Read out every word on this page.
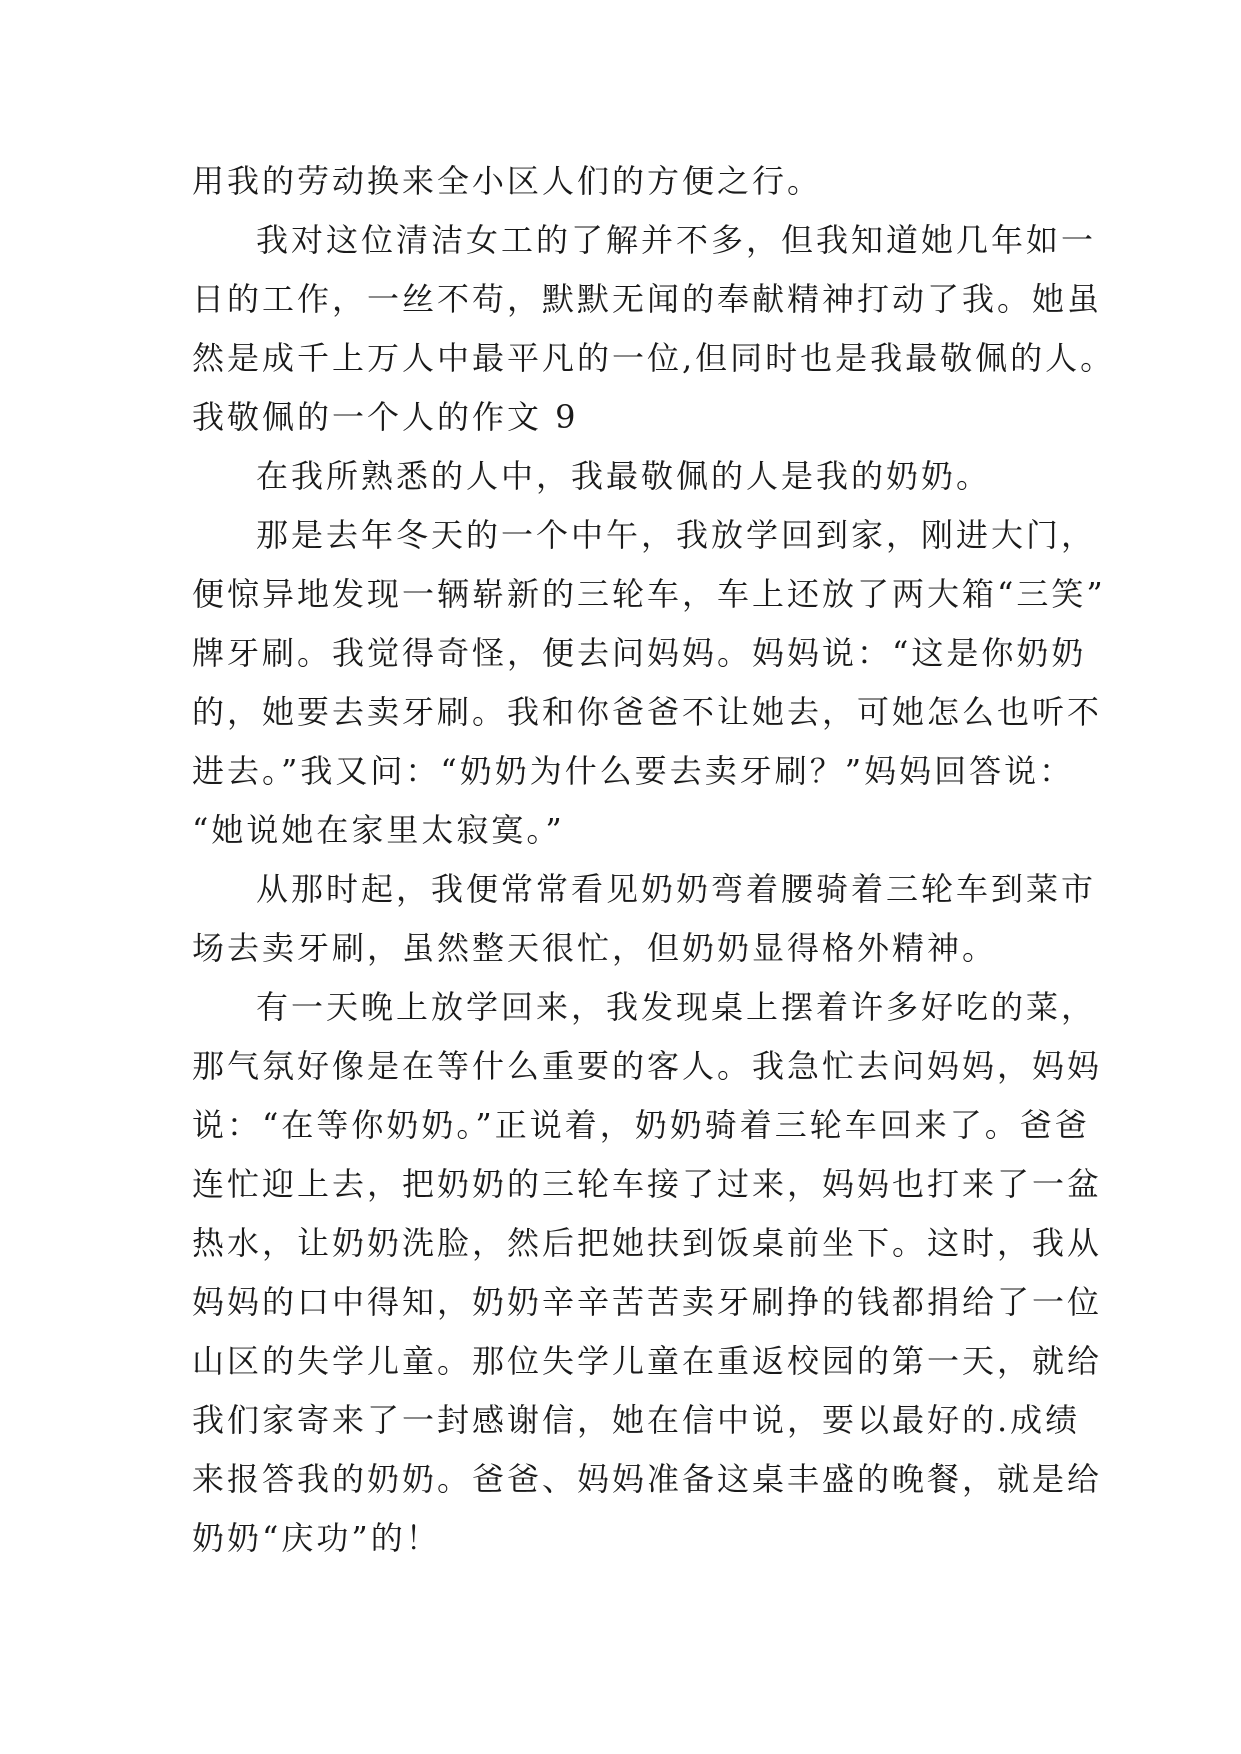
用我的劳动换来全小区人们的方便之行。
我对这位清洁女工的了解并不多，但我知道她几年如一
日的工作，一丝不苟，默默无闻的奉献精神打动了我。她虽
然是成千上万人中最平凡的一位,但同时也是我最敬佩的人。
我敬佩的一个人的作文 9
在我所熟悉的人中，我最敬佩的人是我的奶奶。
那是去年冬天的一个中午，我放学回到家，刚进大门，
便惊异地发现一辆崭新的三轮车，车上还放了两大箱“三笑”
牌牙刷。我觉得奇怪，便去问妈妈。妈妈说：“这是你奶奶
的，她要去卖牙刷。我和你爸爸不让她去，可她怎么也听不
进去。”我又问：“奶奶为什么要去卖牙刷？”妈妈回答说：
“她说她在家里太寂寞。”
从那时起，我便常常看见奶奶弯着腰骑着三轮车到菜市
场去卖牙刷，虽然整天很忙，但奶奶显得格外精神。
有一天晚上放学回来，我发现桌上摆着许多好吃的菜，
那气氛好像是在等什么重要的客人。我急忙去问妈妈，妈妈
说：“在等你奶奶。”正说着，奶奶骑着三轮车回来了。爸爸
连忙迎上去，把奶奶的三轮车接了过来，妈妈也打来了一盆
热水，让奶奶洗脸，然后把她扶到饭桌前坐下。这时，我从
妈妈的口中得知，奶奶辛辛苦苦卖牙刷挣的钱都捐给了一位
山区的失学儿童。那位失学儿童在重返校园的第一天，就给
我们家寄来了一封感谢信，她在信中说，要以最好的.成绩
来报答我的奶奶。爸爸、妈妈准备这桌丰盛的晚餐，就是给
奶奶“庆功”的！
